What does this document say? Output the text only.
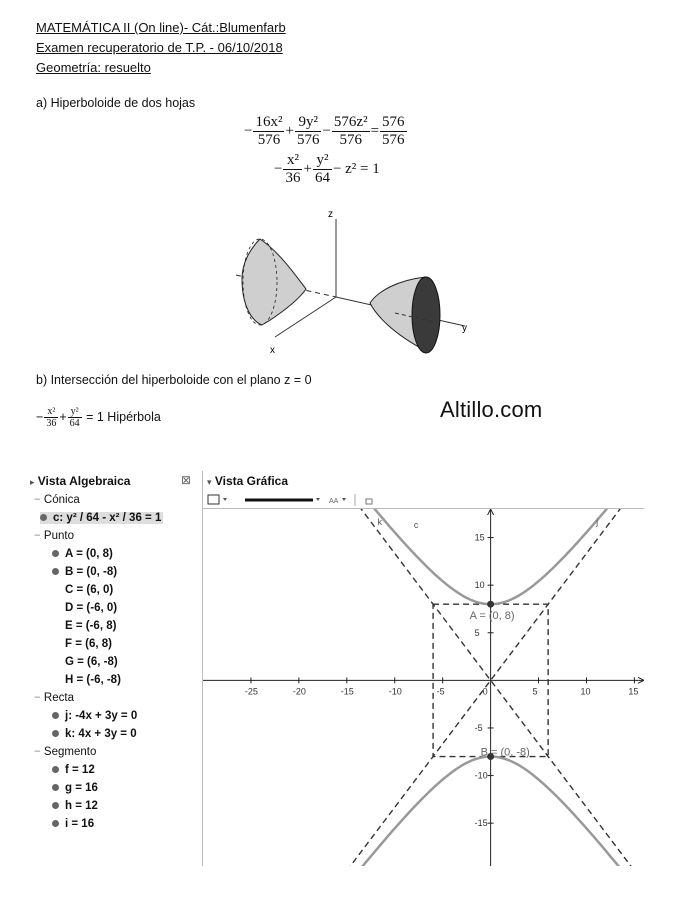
MATEMÁTICA II (On line)- Cát.:Blumenfarb
Examen recuperatorio de T.P. - 06/10/2018
Geometría: resuelto
a) Hiperboloide de dos hojas
− $\frac{\text{16x²}}{576} + \frac{\text{9y²}}{576} - \frac{\text{576z²}}{576} = \frac{576}{576}$
− $\frac{\text{x²}}{36} + \frac{\text{y²}}{64} - z^2 = 1$
z
y
x
b) Intersección del hiperboloide con el plano z = 0
− $\frac{\text{x²}}{36} + \frac{\text{y²}}{64} = 1$ Hipérbola	Altillo.com
▸ Vista Algebraica	⊠
− Cónica
c: y² / 64 - x² / 36 = 1
− Punto
A = (0, 8)
B = (0, -8)
C = (6, 0)
D = (-6, 0)
E = (-6, 8)
F = (6, 8)
G = (6, -8)
H = (-6, -8)
− Recta
j: -4x + 3y = 0
k: 4x + 3y = 0
− Segmento
f = 12
g = 16
h = 12
i = 16
▾ Vista Gráfica
AA
-25	-20	-15	-10	-5	0	5	10	15
15
10
5
-5
-10
-15
c
k	j
A = (0, 8)
B = (0, -8)
